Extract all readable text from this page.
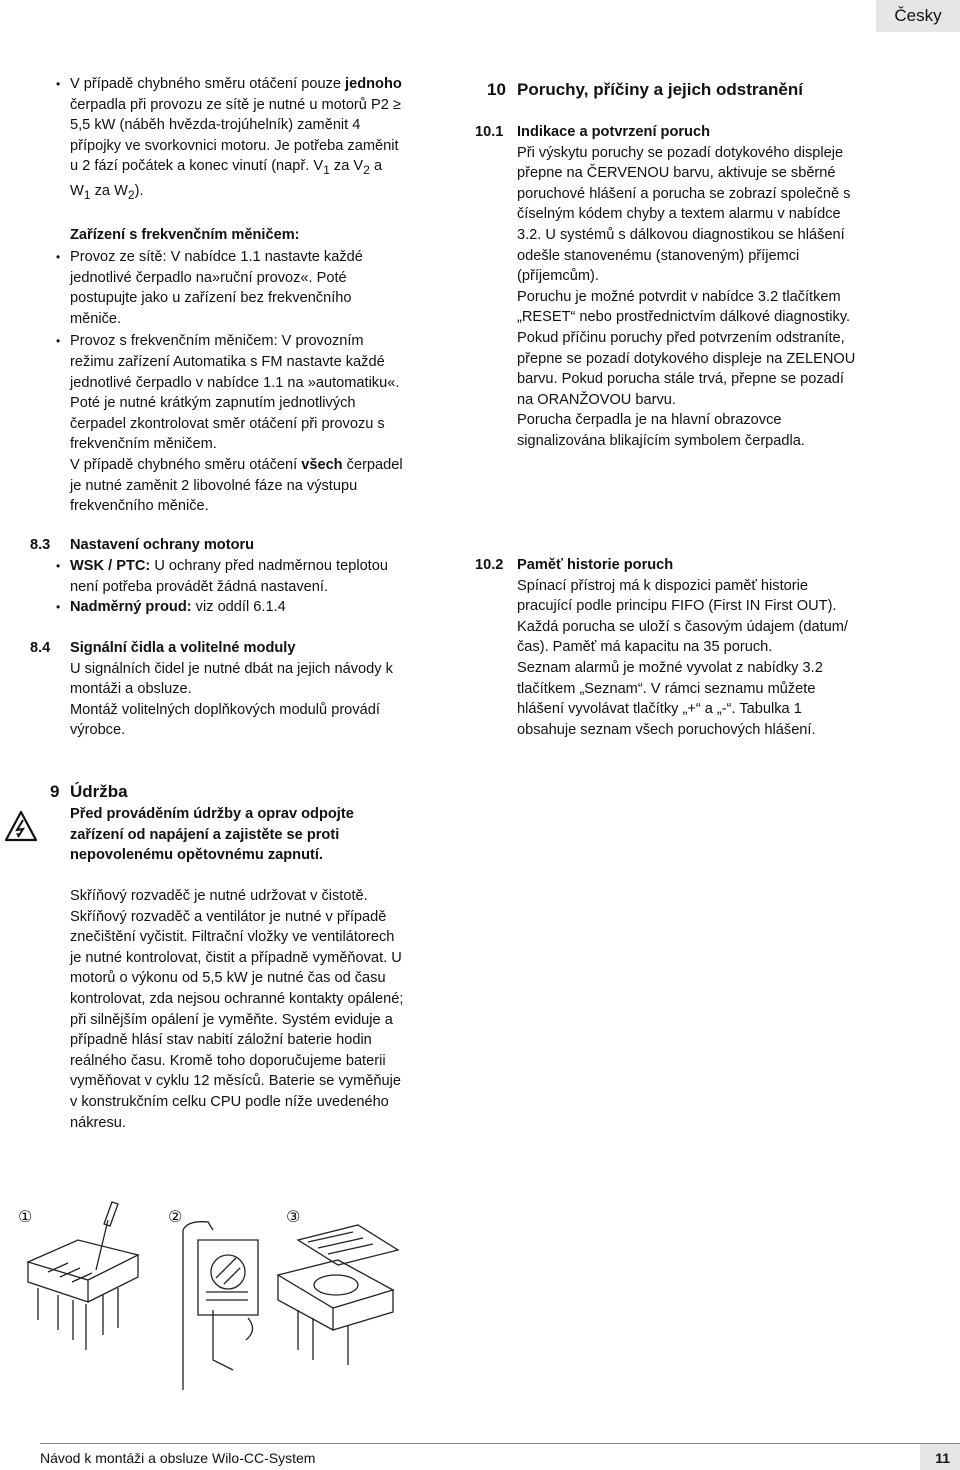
Česky
• V případě chybného směru otáčení pouze jednoho čerpadla při provozu ze sítě je nutné u motorů P2 ≥ 5,5 kW (náběh hvězda-trojúhelník) zaměnit 4 přípojky ve svorkovnici motoru. Je potřeba zaměnit u 2 fází počátek a konec vinutí (např. $V_1$ za $V_2$ a $W_1$ za $W_2$).
Zařízení s frekvenčním měničem:
• Provoz ze sítě: V nabídce 1.1 nastavte každé jednotlivé čerpadlo na»ruční provoz«. Poté postupujte jako u zařízení bez frekvenčního měniče.
• Provoz s frekvenčním měničem: V provozním režimu zařízení Automatika s FM nastavte každé jednotlivé čerpadlo v nabídce 1.1 na »automatiku«. Poté je nutné krátkým zapnutím jednotlivých čerpadel zkontrolovat směr otáčení při provozu s frekvenčním měničem.

V případě chybného směru otáčení všech čerpadel je nutné zaměnit 2 libovolné fáze na výstupu frekvenčního měniče.

8.3 Nastavení ochrany motoru

• WSK / PTC: U ochrany před nadměrnou teplotou není potřeba provádět žádná nastavení.
• Nadměrný proud: viz oddíl 6.1.4
8.4 Signální čidla a volitelné moduly

U signálních čidel je nutné dbát na jejich návody k montáži a obsluze.

Montáž volitelných doplňkových modulů provádí výrobce.

10 Poruchy, příčiny a jejich odstranění
10.1 Indikace a potvrzení poruch

Při výskytu poruchy se pozadí dotykového displeje přepne na ČERVENOU barvu, aktivuje se sběrné poruchové hlášení a porucha se zobrazí společně s číselným kódem chyby a textem alarmu v nabídce 3.2. U systémů s dálkovou diagnostikou se hlášení odešle stanovenému (stanoveným) příjemci (příjemcům).

Poruchu je možné potvrdit v nabídce 3.2 tlačítkem „RESET“ nebo prostřednictvím dálkové diagnostiky.

Pokud příčinu poruchy před potvrzením odstraníte, přepne se pozadí dotykového displeje na ZELENOU barvu. Pokud porucha stále trvá, přepne se pozadí na ORANŽOVOU barvu.

Porucha čerpadla je na hlavní obrazovce signalizována blikajícím symbolem čerpadla.

10.2 Paměť historie poruch

Spínací přístroj má k dispozici paměť historie pracující podle principu FIFO (First IN First OUT). Každá porucha se uloží s časovým údajem (datum/čas). Paměť má kapacitu na 35 poruch.

Seznam alarmů je možné vyvolat z nabídky 3.2 tlačítkem „Seznam“. V rámci seznamu můžete hlášení vyvolávat tlačítky „+“ a „-“. Tabulka 1 obsahuje seznam všech poruchových hlášení.

9 Údržba

Před prováděním údržby a oprav odpojte zařízení od napájení a zajistěte se proti nepovolenému opětovnému zapnutí.

Skříňový rozvaděč je nutné udržovat v čistotě. Skříňový rozvaděč a ventilátor je nutné v případě znečištění vyčistit. Filtrační vložky ve ventilátorech je nutné kontrolovat, čistit a případně vyměňovat. U motorů o výkonu od 5,5 kW je nutné čas od času kontrolovat, zda nejsou ochranné kontakty opálené; při silnějším opálení je vyměňte. Systém eviduje a případně hlásí stav nabití záložní baterie hodin reálného času. Kromě toho doporučujeme baterii vyměňovat v cyklu 12 měsíců. Baterie se vyměňuje v konstrukčním celku CPU podle níže uvedeného nákresu.

①	②	③
Návod k montáži a obsluze Wilo-CC-System	11
